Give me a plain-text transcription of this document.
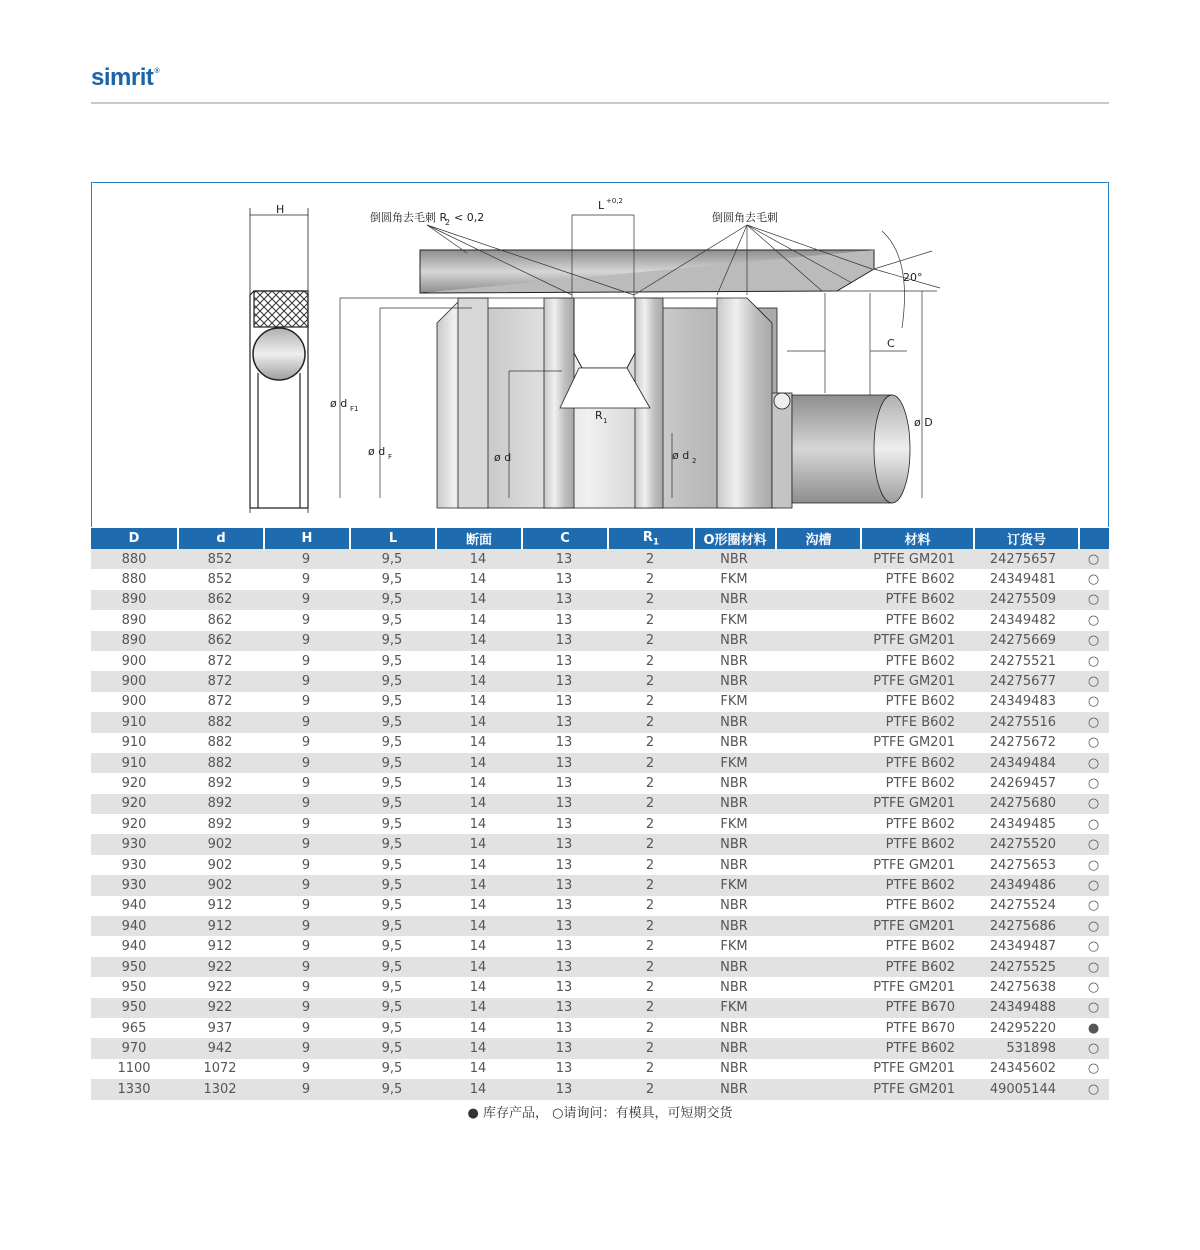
simrit®
H	L +0,2
倒圆角去毛刺 R
2 < 0,2	倒圆角去毛刺
20°
C
R 1
ø d F1
ø d F	ø d	ø d 2
ø D
D	d	H	L	断面	C	$R_1$	O形圈材料	沟槽	材料	订货号	
880	852	9	9,5	14	13	2	NBR		PTFE GM201	24275657	○
880	852	9	9,5	14	13	2	FKM		PTFE B602	24349481	○
890	862	9	9,5	14	13	2	NBR		PTFE B602	24275509	○
890	862	9	9,5	14	13	2	FKM		PTFE B602	24349482	○
890	862	9	9,5	14	13	2	NBR		PTFE GM201	24275669	○
900	872	9	9,5	14	13	2	NBR		PTFE B602	24275521	○
900	872	9	9,5	14	13	2	NBR		PTFE GM201	24275677	○
900	872	9	9,5	14	13	2	FKM		PTFE B602	24349483	○
910	882	9	9,5	14	13	2	NBR		PTFE B602	24275516	○
910	882	9	9,5	14	13	2	NBR		PTFE GM201	24275672	○
910	882	9	9,5	14	13	2	FKM		PTFE B602	24349484	○
920	892	9	9,5	14	13	2	NBR		PTFE B602	24269457	○
920	892	9	9,5	14	13	2	NBR		PTFE GM201	24275680	○
920	892	9	9,5	14	13	2	FKM		PTFE B602	24349485	○
930	902	9	9,5	14	13	2	NBR		PTFE B602	24275520	○
930	902	9	9,5	14	13	2	NBR		PTFE GM201	24275653	○
930	902	9	9,5	14	13	2	FKM		PTFE B602	24349486	○
940	912	9	9,5	14	13	2	NBR		PTFE B602	24275524	○
940	912	9	9,5	14	13	2	NBR		PTFE GM201	24275686	○
940	912	9	9,5	14	13	2	FKM		PTFE B602	24349487	○
950	922	9	9,5	14	13	2	NBR		PTFE B602	24275525	○
950	922	9	9,5	14	13	2	NBR		PTFE GM201	24275638	○
950	922	9	9,5	14	13	2	FKM		PTFE B670	24349488	○
965	937	9	9,5	14	13	2	NBR		PTFE B670	24295220	●
970	942	9	9,5	14	13	2	NBR		PTFE B602	531898	○
1100	1072	9	9,5	14	13	2	NBR		PTFE GM201	24345602	○
1330	1302	9	9,5	14	13	2	NBR		PTFE GM201	49005144	○
● 库存产品， ○请询问：有模具，可短期交货
